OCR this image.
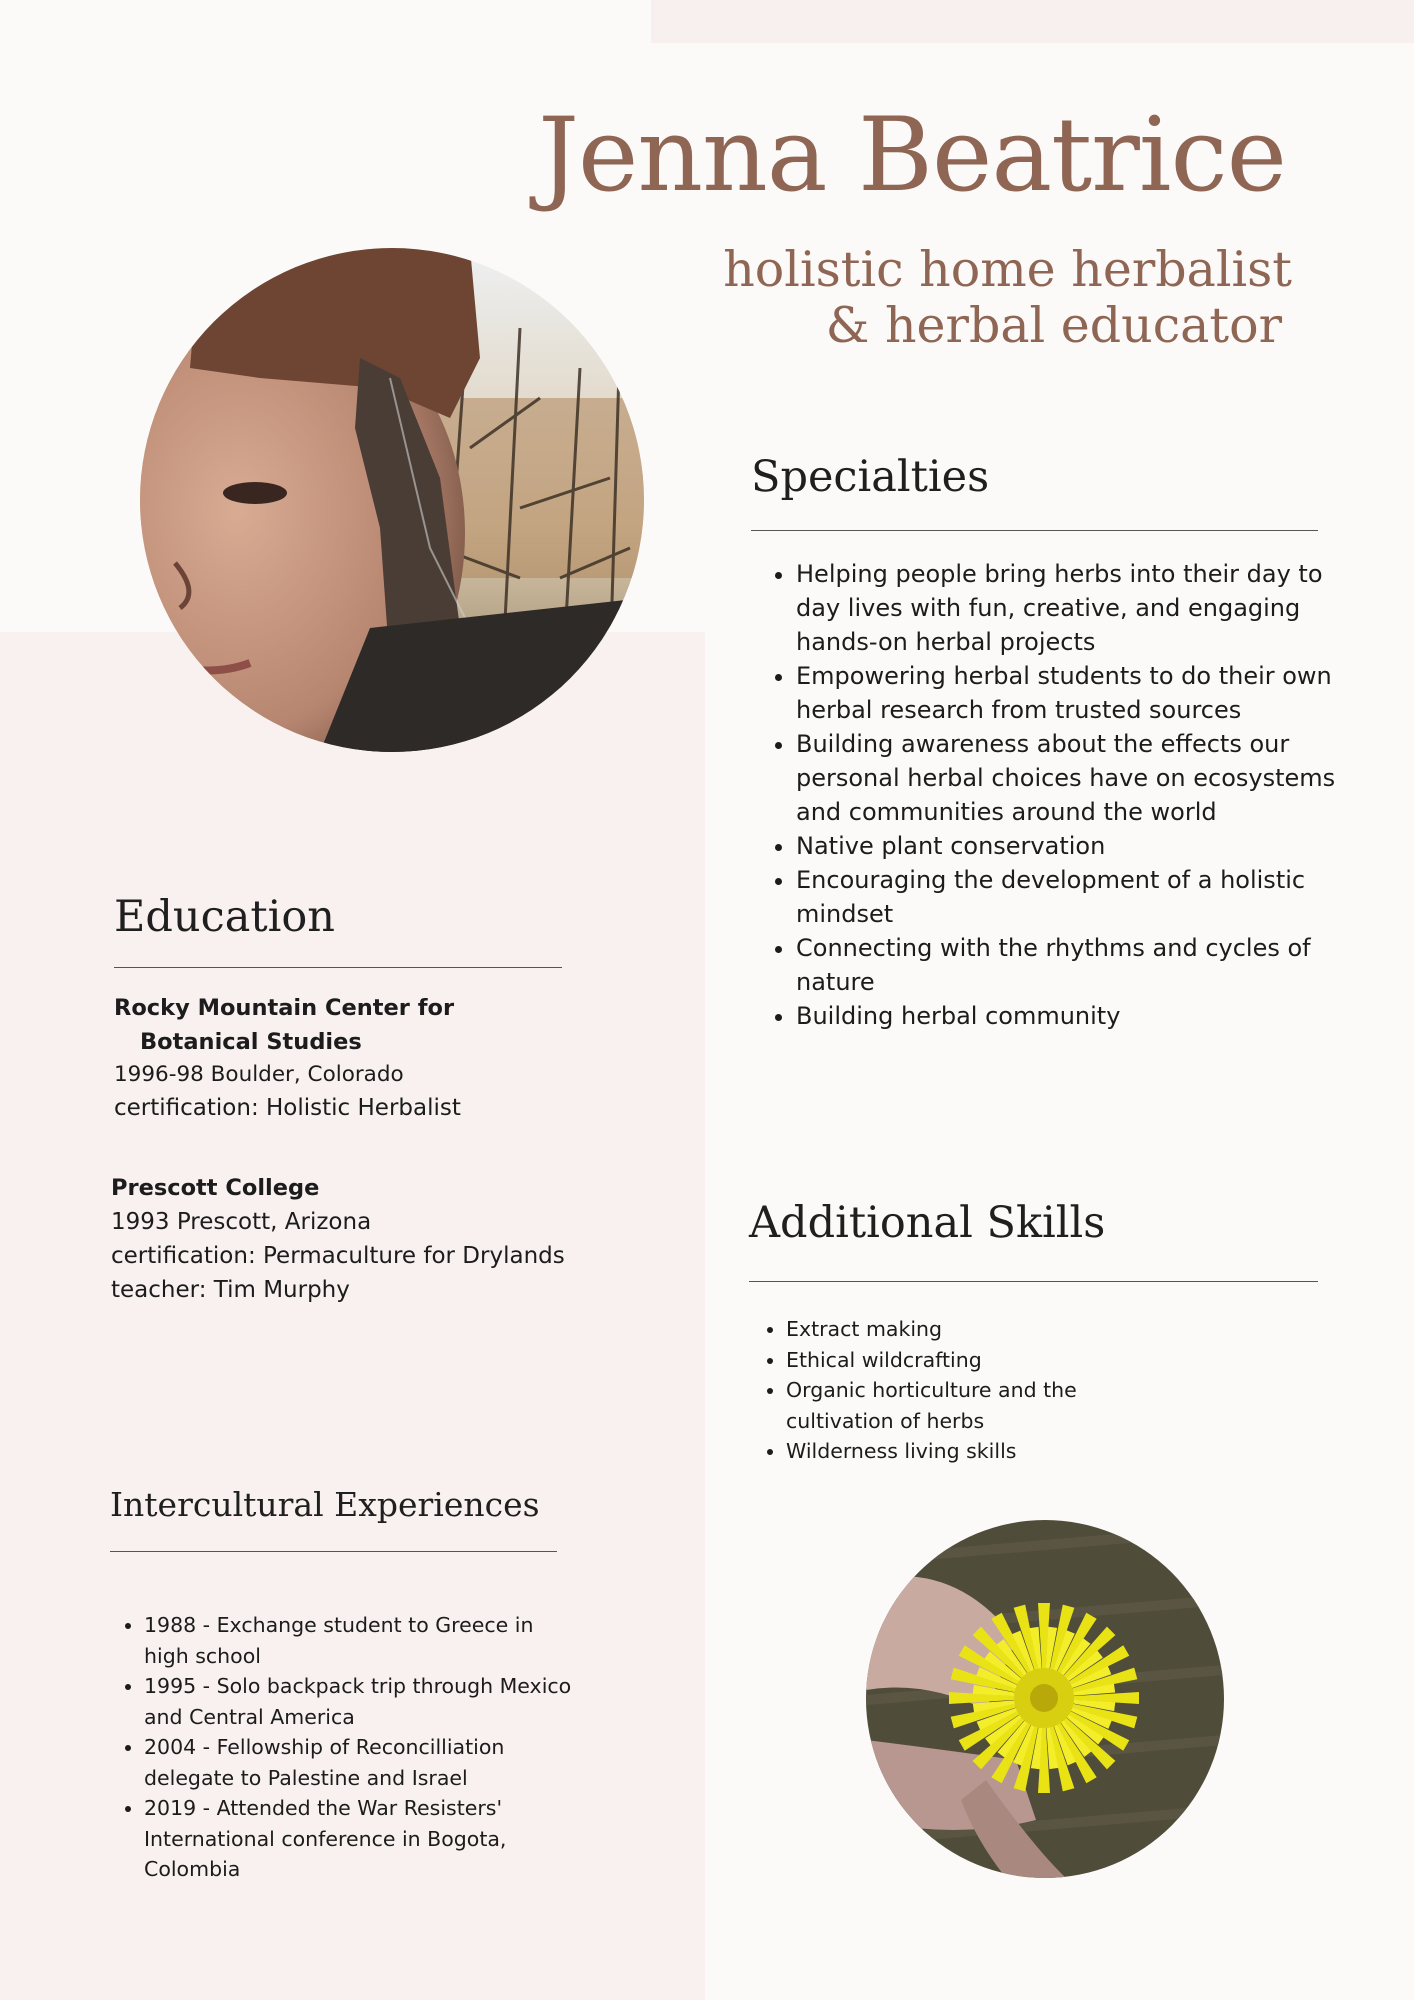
Jenna Beatrice
holistic home herbalist
& herbal educator
Specialties
• Helping people bring herbs into their day to day lives with fun, creative, and engaging hands-on herbal projects
• Empowering herbal students to do their own herbal research from trusted sources
• Building awareness about the effects our personal herbal choices have on ecosystems and communities around the world
• Native plant conservation
• Encouraging the development of a holistic mindset
• Connecting with the rhythms and cycles of nature
• Building herbal community
Education
Rocky Mountain Center for
Botanical Studies
1996-98 Boulder, Colorado
certification: Holistic Herbalist
Prescott College
1993 Prescott, Arizona
certification: Permaculture for Drylands
teacher: Tim Murphy
Additional Skills
• Extract making
• Ethical wildcrafting
• Organic horticulture and the cultivation of herbs
• Wilderness living skills
Intercultural Experiences
• 1988 - Exchange student to Greece in high school
• 1995 - Solo backpack trip through Mexico and Central America
• 2004 - Fellowship of Reconcilliation delegate to Palestine and Israel
• 2019 - Attended the War Resisters' International conference in Bogota, Colombia
